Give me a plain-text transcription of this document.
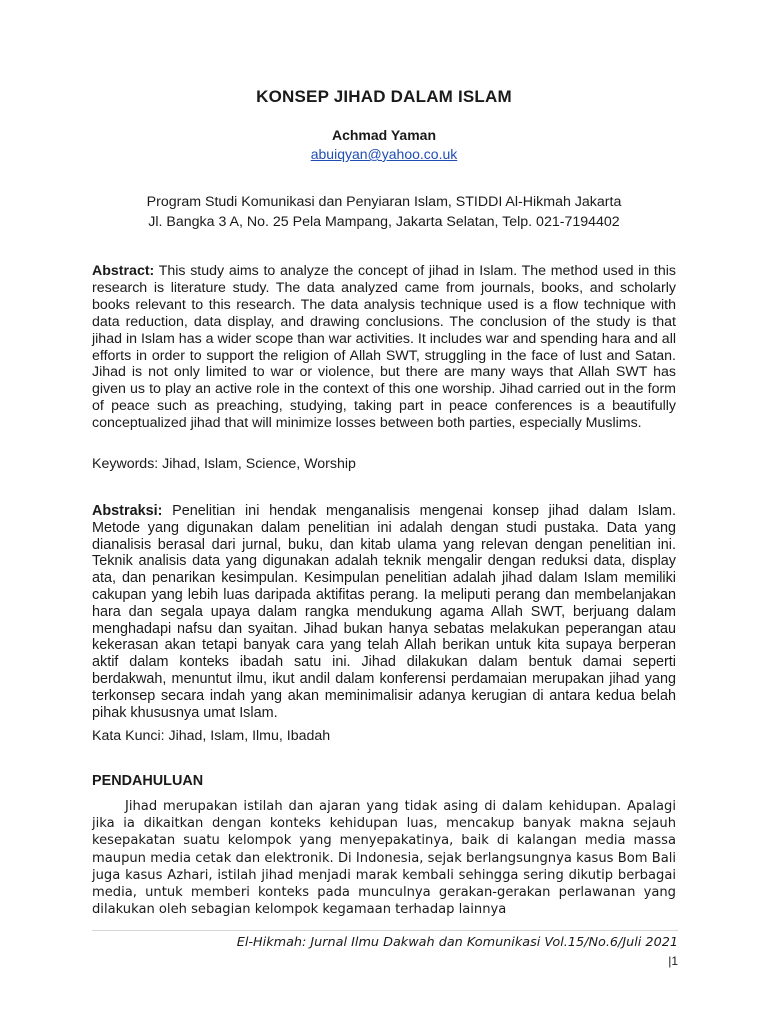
KONSEP JIHAD DALAM ISLAM
Achmad Yaman
abuiqyan@yahoo.co.uk
Program Studi Komunikasi dan Penyiaran Islam, STIDDI Al-Hikmah Jakarta
Jl. Bangka 3 A, No. 25 Pela Mampang, Jakarta Selatan, Telp. 021-7194402
Abstract: This study aims to analyze the concept of jihad in Islam. The method used in this research is literature study. The data analyzed came from journals, books, and scholarly books relevant to this research. The data analysis technique used is a flow technique with data reduction, data display, and drawing conclusions. The conclusion of the study is that jihad in Islam has a wider scope than war activities. It includes war and spending hara and all efforts in order to support the religion of Allah SWT, struggling in the face of lust and Satan. Jihad is not only limited to war or violence, but there are many ways that Allah SWT has given us to play an active role in the context of this one worship. Jihad carried out in the form of peace such as preaching, studying, taking part in peace conferences is a beautifully conceptualized jihad that will minimize losses between both parties, especially Muslims.
Keywords: Jihad, Islam, Science, Worship
Abstraksi: Penelitian ini hendak menganalisis mengenai konsep jihad dalam Islam. Metode yang digunakan dalam penelitian ini adalah dengan studi pustaka. Data yang dianalisis berasal dari jurnal, buku, dan kitab ulama yang relevan dengan penelitian ini. Teknik analisis data yang digunakan adalah teknik mengalir dengan reduksi data, display ata, dan penarikan kesimpulan. Kesimpulan penelitian adalah jihad dalam Islam memiliki cakupan yang lebih luas daripada aktifitas perang. Ia meliputi perang dan membelanjakan hara dan segala upaya dalam rangka mendukung agama Allah SWT, berjuang dalam menghadapi nafsu dan syaitan. Jihad bukan hanya sebatas melakukan peperangan atau kekerasan akan tetapi banyak cara yang telah Allah berikan untuk kita supaya berperan aktif dalam konteks ibadah satu ini. Jihad dilakukan dalam bentuk damai seperti berdakwah, menuntut ilmu, ikut andil dalam konferensi perdamaian merupakan jihad yang terkonsep secara indah yang akan meminimalisir adanya kerugian di antara kedua belah pihak khususnya umat Islam.
Kata Kunci: Jihad, Islam, Ilmu, Ibadah
PENDAHULUAN
Jihad merupakan istilah dan ajaran yang tidak asing di dalam kehidupan. Apalagi jika ia dikaitkan dengan konteks kehidupan luas, mencakup banyak makna sejauh kesepakatan suatu kelompok yang menyepakatinya, baik di kalangan media massa maupun media cetak dan elektronik. Di Indonesia, sejak berlangsungnya kasus Bom Bali juga kasus Azhari, istilah jihad menjadi marak kembali sehingga sering dikutip berbagai media, untuk memberi konteks pada munculnya gerakan-gerakan perlawanan yang dilakukan oleh sebagian kelompok kegamaan terhadap lainnya
El-Hikmah: Jurnal Ilmu Dakwah dan Komunikasi Vol.15/No.6/Juli 2021
|1
